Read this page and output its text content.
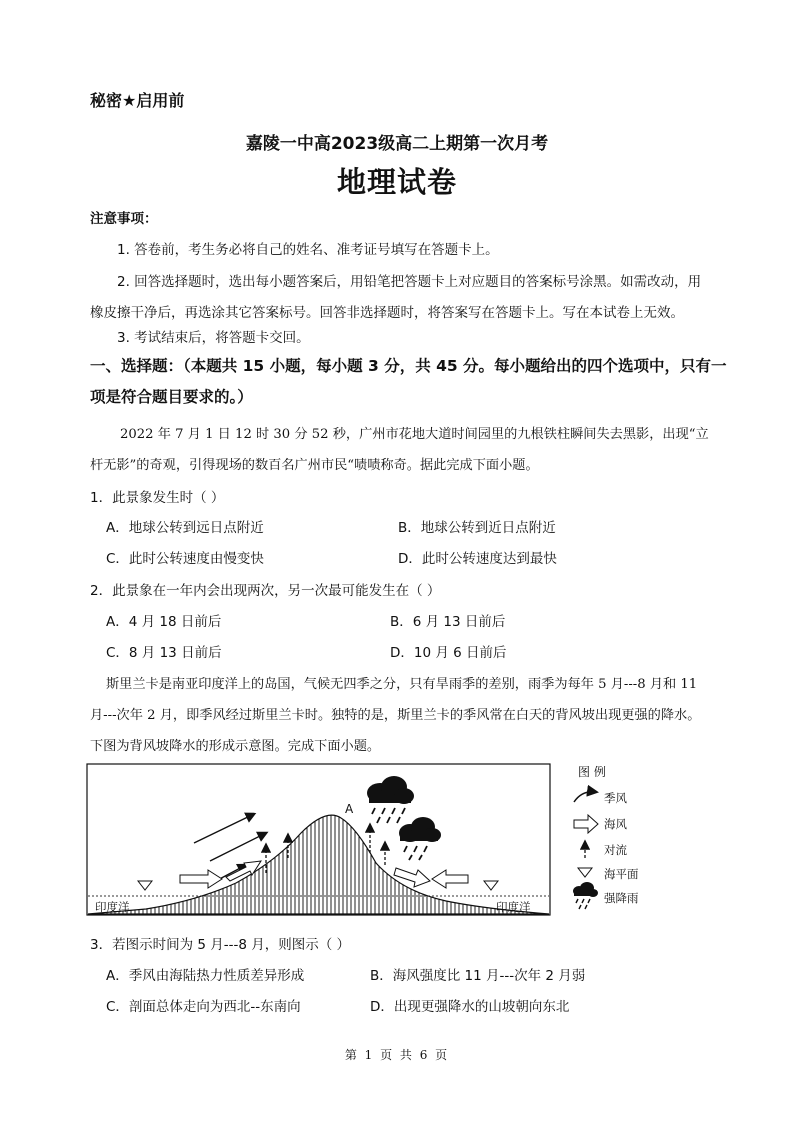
秘密★启用前
嘉陵一中高2023级高二上期第一次月考
地理试卷
注意事项：
1. 答卷前，考生务必将自己的姓名、准考证号填写在答题卡上。
2. 回答选择题时，选出每小题答案后，用铅笔把答题卡上对应题目的答案标号涂黑。如需改动，用
橡皮擦干净后，再选涂其它答案标号。回答非选择题时，将答案写在答题卡上。写在本试卷上无效。
3. 考试结束后，将答题卡交回。
一、选择题：（本题共 15 小题，每小题 3 分，共 45 分。每小题给出的四个选项中，只有一
项是符合题目要求的。）
2022 年 7 月 1 日 12 时 30 分 52 秒，广州市花地大道时间园里的九根铁柱瞬间失去黑影，出现“立
杆无影”的奇观，引得现场的数百名广州市民“啧啧称奇。据此完成下面小题。
1．此景象发生时（ ）
A．地球公转到远日点附近	B．地球公转到近日点附近
C．此时公转速度由慢变快	D．此时公转速度达到最快
2．此景象在一年内会出现两次，另一次最可能发生在（ ）
A．4 月 18 日前后	B．6 月 13 日前后
C．8 月 13 日前后	D．10 月 6 日前后
斯里兰卡是南亚印度洋上的岛国，气候无四季之分，只有旱雨季的差别，雨季为每年 5 月---8 月和 11
月---次年 2 月，即季风经过斯里兰卡时。独特的是，斯里兰卡的季风常在白天的背风坡出现更强的降水。
下图为背风坡降水的形成示意图。完成下面小题。
A
印度洋	印度洋
图 例
季风
海风
对流
海平面
强降雨
3．若图示时间为 5 月---8 月，则图示（ ）
A．季风由海陆热力性质差异形成	B．海风强度比 11 月---次年 2 月弱
C．剖面总体走向为西北--东南向	D．出现更强降水的山坡朝向东北
第 1 页 共 6 页
